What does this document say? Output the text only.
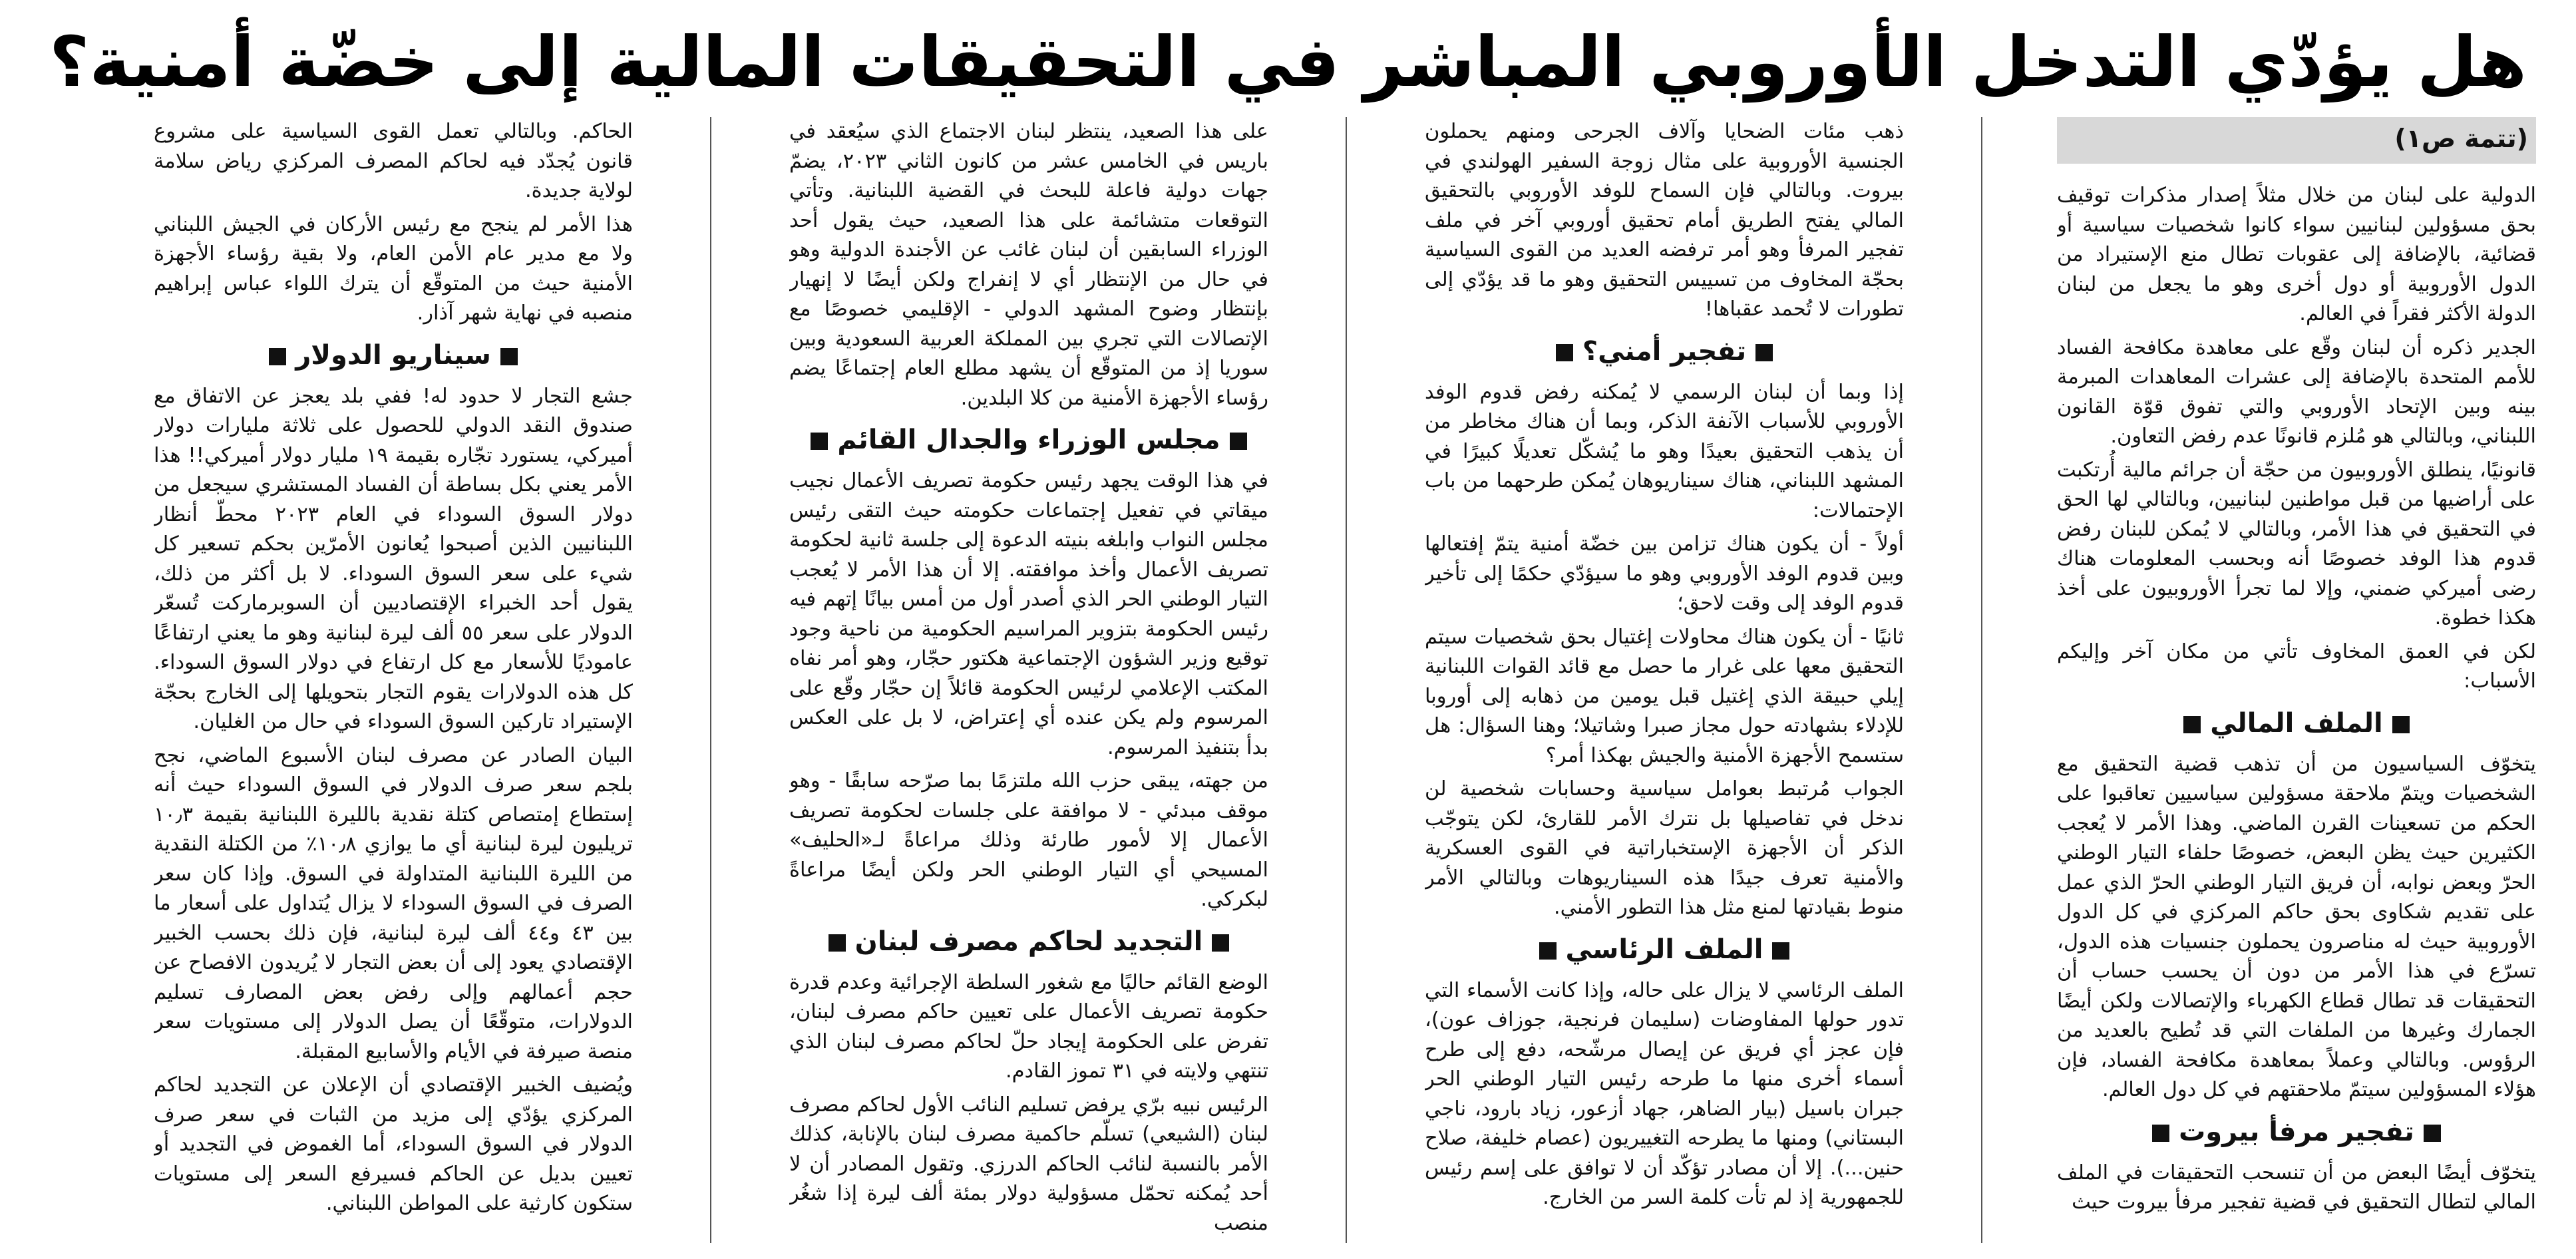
هل يؤدّي التدخل الأوروبي المباشر في التحقيقات المالية إلى خضّة أمنية؟
(تتمة ص١)
الدولية على لبنان من خلال مثلاً إصدار مذكرات توقيف بحق مسؤولين لبنانيين سواء كانوا شخصيات سياسية أو قضائية، بالإضافة إلى عقوبات تطال منع الإستيراد من الدول الأوروبية أو دول أخرى وهو ما يجعل من لبنان الدولة الأكثر فقراً في العالم.
الجدير ذكره أن لبنان وقّع على معاهدة مكافحة الفساد للأمم المتحدة بالإضافة إلى عشرات المعاهدات المبرمة بينه وبين الإتحاد الأوروبي والتي تفوق قوّة القانون اللبناني، وبالتالي هو مُلزم قانونًا عدم رفض التعاون.
قانونيًا، ينطلق الأوروبيون من حجّة أن جرائم مالية أُرتكبت على أراضيها من قبل مواطنين لبنانيين، وبالتالي لها الحق في التحقيق في هذا الأمر، وبالتالي لا يُمكن للبنان رفض قدوم هذا الوفد خصوصًا أنه وبحسب المعلومات هناك رضى أميركي ضمني، وإلا لما تجرأ الأوروبيون على أخذ هكذا خطوة.
لكن في العمق المخاوف تأتي من مكان آخر وإليكم الأسباب:
الملف المالي
يتخوّف السياسيون من أن تذهب قضية التحقيق مع الشخصيات ويتمّ ملاحقة مسؤولين سياسيين تعاقبوا على الحكم من تسعينات القرن الماضي. وهذا الأمر لا يُعجب الكثيرين حيث يظن البعض، خصوصًا حلفاء التيار الوطني الحرّ وبعض نوابه، أن فريق التيار الوطني الحرّ الذي عمل على تقديم شكاوى بحق حاكم المركزي في كل الدول الأوروبية حيث له مناصرون يحملون جنسيات هذه الدول، تسرّع في هذا الأمر من دون أن يحسب حساب أن التحقيقات قد تطال قطاع الكهرباء والإتصالات ولكن أيضًا الجمارك وغيرها من الملفات التي قد تُطيح بالعديد من الرؤوس. وبالتالي وعملاً بمعاهدة مكافحة الفساد، فإن هؤلاء المسؤولين سيتمّ ملاحقتهم في كل دول العالم.
تفجير مرفأ بيروت
يتخوّف أيضًا البعض من أن تنسحب التحقيقات في الملف المالي لتطال التحقيق في قضية تفجير مرفأ بيروت حيث
ذهب مئات الضحايا وآلاف الجرحى ومنهم يحملون الجنسية الأوروبية على مثال زوجة السفير الهولندي في بيروت. وبالتالي فإن السماح للوفد الأوروبي بالتحقيق المالي يفتح الطريق أمام تحقيق أوروبي آخر في ملف تفجير المرفأ وهو أمر ترفضه العديد من القوى السياسية بحجّة المخاوف من تسييس التحقيق وهو ما قد يؤدّي إلى تطورات لا تُحمد عقباها!
تفجير أمني؟
إذا وبما أن لبنان الرسمي لا يُمكنه رفض قدوم الوفد الأوروبي للأسباب الآنفة الذكر، وبما أن هناك مخاطر من أن يذهب التحقيق بعيدًا وهو ما يُشكّل تعديلًا كبيرًا في المشهد اللبناني، هناك سيناريوهان يُمكن طرحهما من باب الإحتمالات:
أولاً - أن يكون هناك تزامن بين خضّة أمنية يتمّ إفتعالها وبين قدوم الوفد الأوروبي وهو ما سيؤدّي حكمًا إلى تأخير قدوم الوفد إلى وقت لاحق؛
ثانيًا - أن يكون هناك محاولات إغتيال بحق شخصيات سيتم التحقيق معها على غرار ما حصل مع قائد القوات اللبنانية إيلي حبيقة الذي إغتيل قبل يومين من ذهابه إلى أوروبا للإدلاء بشهادته حول مجاز صبرا وشاتيلا؛ وهنا السؤال: هل ستسمح الأجهزة الأمنية والجيش بهكذا أمر؟
الجواب مُرتبط بعوامل سياسية وحسابات شخصية لن ندخل في تفاصيلها بل نترك الأمر للقارئ، لكن يتوجّب الذكر أن الأجهزة الإستخباراتية في القوى العسكرية والأمنية تعرف جيدًا هذه السيناريوهات وبالتالي الأمر منوط بقيادتها لمنع مثل هذا التطور الأمني.
الملف الرئاسي
الملف الرئاسي لا يزال على حاله، وإذا كانت الأسماء التي تدور حولها المفاوضات (سليمان فرنجية، جوزاف عون)، فإن عجز أي فريق عن إيصال مرشّحه، دفع إلى طرح أسماء أخرى منها ما طرحه رئيس التيار الوطني الحر جبران باسيل (بيار الضاهر، جهاد أزعور، زياد بارود، ناجي البستاني) ومنها ما يطرحه التغييريون (عصام خليفة، صلاح حنين...). إلا أن مصادر تؤكّد أن لا توافق على إسم رئيس للجمهورية إذ لم تأت كلمة السر من الخارج.
على هذا الصعيد، ينتظر لبنان الاجتماع الذي سيُعقد في باريس في الخامس عشر من كانون الثاني ٢٠٢٣، يضمّ جهات دولية فاعلة للبحث في القضية اللبنانية. وتأتي التوقعات متشائمة على هذا الصعيد، حيث يقول أحد الوزراء السابقين أن لبنان غائب عن الأجندة الدولية وهو في حال من الإنتظار أي لا إنفراج ولكن أيضًا لا إنهيار بإنتظار وضوح المشهد الدولي - الإقليمي خصوصًا مع الإتصالات التي تجري بين المملكة العربية السعودية وبين سوريا إذ من المتوقّع أن يشهد مطلع العام إجتماعًا يضم رؤساء الأجهزة الأمنية من كلا البلدين.
مجلس الوزراء والجدال القائم
في هذا الوقت يجهد رئيس حكومة تصريف الأعمال نجيب ميقاتي في تفعيل إجتماعات حكومته حيث التقى رئيس مجلس النواب وابلغه بنيته الدعوة إلى جلسة ثانية لحكومة تصريف الأعمال وأخذ موافقته. إلا أن هذا الأمر لا يُعجب التيار الوطني الحر الذي أصدر أول من أمس بيانًا إتهم فيه رئيس الحكومة بتزوير المراسيم الحكومية من ناحية وجود توقيع وزير الشؤون الإجتماعية هكتور حجّار، وهو أمر نفاه المكتب الإعلامي لرئيس الحكومة قائلاً إن حجّار وقّع على المرسوم ولم يكن عنده أي إعتراض، لا بل على العكس بدأ بتنفيذ المرسوم.
من جهته، يبقى حزب الله ملتزمًا بما صرّحه سابقًا - وهو موقف مبدئي - لا موافقة على جلسات لحكومة تصريف الأعمال إلا لأمور طارئة وذلك مراعاةً لـ«الحليف» المسيحي أي التيار الوطني الحر ولكن أيضًا مراعاةً لبكركي.
التجديد لحاكم مصرف لبنان
الوضع القائم حاليًا مع شغور السلطة الإجرائية وعدم قدرة حكومة تصريف الأعمال على تعيين حاكم مصرف لبنان، تفرض على الحكومة إيجاد حلّ لحاكم مصرف لبنان الذي تنتهي ولايته في ٣١ تموز القادم.
الرئيس نبيه برّي يرفض تسليم النائب الأول لحاكم مصرف لبنان (الشيعي) تسلّم حاكمية مصرف لبنان بالإنابة، كذلك الأمر بالنسبة لنائب الحاكم الدرزي. وتقول المصادر أن لا أحد يُمكنه تحمّل مسؤولية دولار بمئة ألف ليرة إذا شغُر منصب
الحاكم. وبالتالي تعمل القوى السياسية على مشروع قانون يُجدّد فيه لحاكم المصرف المركزي رياض سلامة لولاية جديدة.
هذا الأمر لم ينجح مع رئيس الأركان في الجيش اللبناني ولا مع مدير عام الأمن العام، ولا بقية رؤساء الأجهزة الأمنية حيث من المتوقّع أن يترك اللواء عباس إبراهيم منصبه في نهاية شهر آذار.
سيناريو الدولار
جشع التجار لا حدود له! ففي بلد يعجز عن الاتفاق مع صندوق النقد الدولي للحصول على ثلاثة مليارات دولار أميركي، يستورد تجّاره بقيمة ١٩ مليار دولار أميركي!! هذا الأمر يعني بكل بساطة أن الفساد المستشري سيجعل من دولار السوق السوداء في العام ٢٠٢٣ محطّ أنظار اللبنانيين الذين أصبحوا يُعانون الأمرّين بحكم تسعير كل شيء على سعر السوق السوداء. لا بل أكثر من ذلك، يقول أحد الخبراء الإقتصاديين أن السوبرماركت تُسعّر الدولار على سعر ٥٥ ألف ليرة لبنانية وهو ما يعني ارتفاعًا عاموديًا للأسعار مع كل ارتفاع في دولار السوق السوداء. كل هذه الدولارات يقوم التجار بتحويلها إلى الخارج بحجّة الإستيراد تاركين السوق السوداء في حال من الغليان.
البيان الصادر عن مصرف لبنان الأسبوع الماضي، نجح بلجم سعر صرف الدولار في السوق السوداء حيث أنه إستطاع إمتصاص كتلة نقدية بالليرة اللبنانية بقيمة ١٠٫٣ تريليون ليرة لبنانية أي ما يوازي ١٠٫٨٪ من الكتلة النقدية من الليرة اللبنانية المتداولة في السوق. وإذا كان سعر الصرف في السوق السوداء لا يزال يُتداول على أسعار ما بين ٤٣ و٤٤ ألف ليرة لبنانية، فإن ذلك بحسب الخبير الإقتصادي يعود إلى أن بعض التجار لا يُريدون الافصاح عن حجم أعمالهم وإلى رفض بعض المصارف تسليم الدولارات، متوقّعًا أن يصل الدولار إلى مستويات سعر منصة صيرفة في الأيام والأسابيع المقبلة.
ويُضيف الخبير الإقتصادي أن الإعلان عن التجديد لحاكم المركزي يؤدّي إلى مزيد من الثبات في سعر صرف الدولار في السوق السوداء، أما الغموض في التجديد أو تعيين بديل عن الحاكم فسيرفع السعر إلى مستويات ستكون كارثية على المواطن اللبناني.
